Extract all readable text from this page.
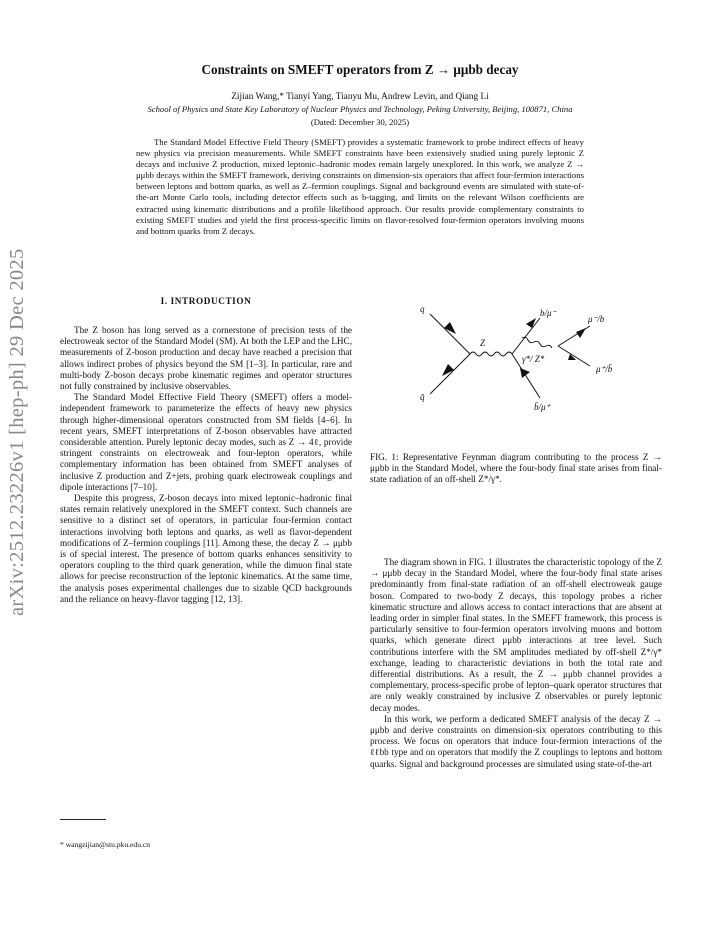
arXiv:2512.23226v1 [hep-ph] 29 Dec 2025
Constraints on SMEFT operators from Z → μμbb decay
Zijian Wang,* Tianyi Yang, Tianyu Mu, Andrew Levin, and Qiang Li
School of Physics and State Key Laboratory of Nuclear Physics and Technology, Peking University, Beijing, 100871, China
(Dated: December 30, 2025)
The Standard Model Effective Field Theory (SMEFT) provides a systematic framework to probe indirect effects of heavy new physics via precision measurements. While SMEFT constraints have been extensively studied using purely leptonic Z decays and inclusive Z production, mixed leptonic–hadronic modes remain largely unexplored. In this work, we analyze Z → μμbb decays within the SMEFT framework, deriving constraints on dimension-six operators that affect four-fermion interactions between leptons and bottom quarks, as well as Z–fermion couplings. Signal and background events are simulated with state-of-the-art Monte Carlo tools, including detector effects such as b-tagging, and limits on the relevant Wilson coefficients are extracted using kinematic distributions and a profile likelihood approach. Our results provide complementary constraints to existing SMEFT studies and yield the first process-specific limits on flavor-resolved four-fermion operators involving muons and bottom quarks from Z decays.
I. INTRODUCTION

The Z boson has long served as a cornerstone of precision tests of the electroweak sector of the Standard Model (SM). At both the LEP and the LHC, measurements of Z-boson production and decay have reached a precision that allows indirect probes of physics beyond the SM [1–3]. In particular, rare and multi-body Z-boson decays probe kinematic regimes and operator structures not fully constrained by inclusive observables.

The Standard Model Effective Field Theory (SMEFT) offers a model-independent framework to parameterize the effects of heavy new physics through higher-dimensional operators constructed from SM fields [4–6]. In recent years, SMEFT interpretations of Z-boson observables have attracted considerable attention. Purely leptonic decay modes, such as Z → 4ℓ, provide stringent constraints on electroweak and four-lepton operators, while complementary information has been obtained from SMEFT analyses of inclusive Z production and Z+jets, probing quark electroweak couplings and dipole interactions [7–10].

Despite this progress, Z-boson decays into mixed leptonic–hadronic final states remain relatively unexplored in the SMEFT context. Such channels are sensitive to a distinct set of operators, in particular four-fermion contact interactions involving both leptons and quarks, as well as flavor-dependent modifications of Z–fermion couplings [11]. Among these, the decay Z → μμbb is of special interest. The presence of bottom quarks enhances sensitivity to operators coupling to the third quark generation, while the dimuon final state allows for precise reconstruction of the leptonic kinematics. At the same time, the analysis poses experimental challenges due to sizable QCD backgrounds and the reliance on heavy-flavor tagging [12, 13].

q
q̄
Z
γ*/ Z*
b/μ⁻
b̄/μ⁺
μ⁻/b
μ⁺/b̄
FIG. 1: Representative Feynman diagram contributing to the process Z → μμbb in the Standard Model, where the four-body final state arises from final-state radiation of an off-shell Z*/γ*.

The diagram shown in FIG. 1 illustrates the characteristic topology of the Z → μμbb decay in the Standard Model, where the four-body final state arises predominantly from final-state radiation of an off-shell electroweak gauge boson. Compared to two-body Z decays, this topology probes a richer kinematic structure and allows access to contact interactions that are absent at leading order in simpler final states. In the SMEFT framework, this process is particularly sensitive to four-fermion operators involving muons and bottom quarks, which generate direct μμbb interactions at tree level. Such contributions interfere with the SM amplitudes mediated by off-shell Z*/γ* exchange, leading to characteristic deviations in both the total rate and differential distributions. As a result, the Z → μμbb channel provides a complementary, process-specific probe of lepton–quark operator structures that are only weakly constrained by inclusive Z observables or purely leptonic decay modes.

In this work, we perform a dedicated SMEFT analysis of the decay Z → μμbb and derive constraints on dimension-six operators contributing to this process. We focus on operators that induce four-fermion interactions of the ℓℓbb type and on operators that modify the Z couplings to leptons and bottom quarks. Signal and background processes are simulated using state-of-the-art

* wangzijian@stu.pku.edu.cn
